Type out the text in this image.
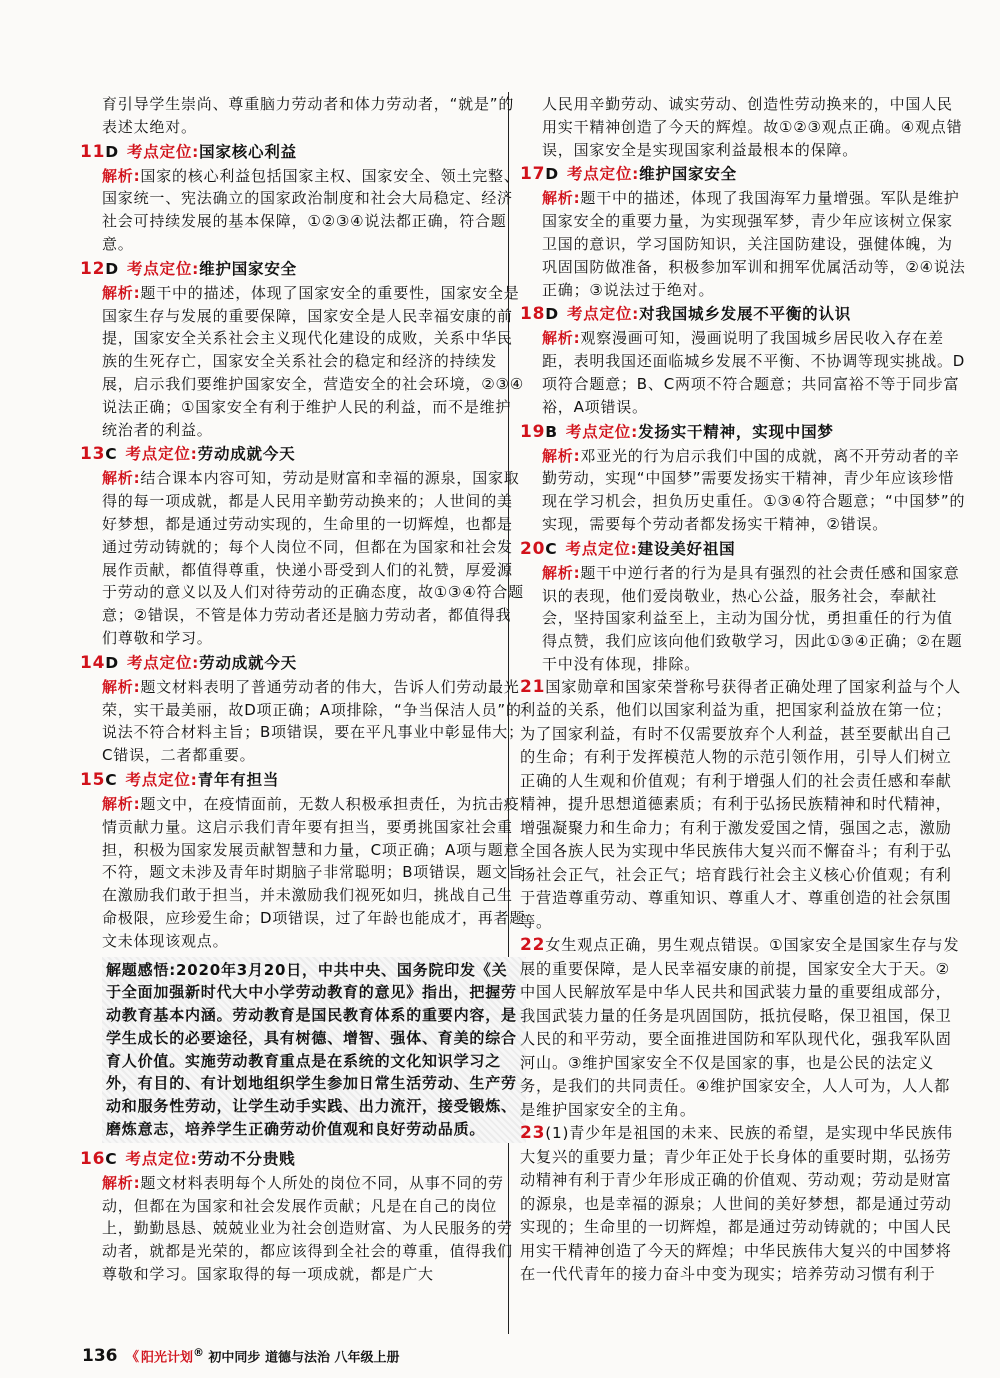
育引导学生崇尚、尊重脑力劳动者和体力劳动者，“就是”的表述太绝对。

11D 考点定位:国家核心利益

解析:国家的核心利益包括国家主权、国家安全、领土完整、国家统一、宪法确立的国家政治制度和社会大局稳定、经济社会可持续发展的基本保障，①②③④说法都正确，符合题意。

12D 考点定位:维护国家安全

解析:题干中的描述，体现了国家安全的重要性，国家安全是国家生存与发展的重要保障，国家安全是人民幸福安康的前提，国家安全关系社会主义现代化建设的成败，关系中华民族的生死存亡，国家安全关系社会的稳定和经济的持续发展，启示我们要维护国家安全，营造安全的社会环境，②③④说法正确；①国家安全有利于维护人民的利益，而不是维护统治者的利益。

13C 考点定位:劳动成就今天

解析:结合课本内容可知，劳动是财富和幸福的源泉，国家取得的每一项成就，都是人民用辛勤劳动换来的；人世间的美好梦想，都是通过劳动实现的，生命里的一切辉煌，也都是通过劳动铸就的；每个人岗位不同，但都在为国家和社会发展作贡献，都值得尊重，快递小哥受到人们的礼赞，厚爱源于劳动的意义以及人们对待劳动的正确态度，故①③④符合题意；②错误，不管是体力劳动者还是脑力劳动者，都值得我们尊敬和学习。

14D 考点定位:劳动成就今天

解析:题文材料表明了普通劳动者的伟大，告诉人们劳动最光荣，实干最美丽，故D项正确；A项排除，“争当保洁人员”的说法不符合材料主旨；B项错误，要在平凡事业中彰显伟大；C错误，二者都重要。

15C 考点定位:青年有担当

解析:题文中，在疫情面前，无数人积极承担责任，为抗击疫情贡献力量。这启示我们青年要有担当，要勇挑国家社会重担，积极为国家发展贡献智慧和力量，C项正确；A项与题意不符，题文未涉及青年时期脑子非常聪明；B项错误，题文旨在激励我们敢于担当，并未激励我们视死如归，挑战自己生命极限，应珍爱生命；D项错误，过了年龄也能成才，再者题文未体现该观点。

解题感悟:2020年3月20日，中共中央、国务院印发《关于全面加强新时代大中小学劳动教育的意见》指出，把握劳动教育基本内涵。劳动教育是国民教育体系的重要内容，是学生成长的必要途径，具有树德、增智、强体、育美的综合育人价值。实施劳动教育重点是在系统的文化知识学习之外，有目的、有计划地组织学生参加日常生活劳动、生产劳动和服务性劳动，让学生动手实践、出力流汗，接受锻炼、磨炼意志，培养学生正确劳动价值观和良好劳动品质。
16C 考点定位:劳动不分贵贱

解析:题文材料表明每个人所处的岗位不同，从事不同的劳动，但都在为国家和社会发展作贡献；凡是在自己的岗位上，勤勤恳恳、兢兢业业为社会创造财富、为人民服务的劳动者，就都是光荣的，都应该得到全社会的尊重，值得我们尊敬和学习。国家取得的每一项成就，都是广大

人民用辛勤劳动、诚实劳动、创造性劳动换来的，中国人民用实干精神创造了今天的辉煌。故①②③观点正确。④观点错误，国家安全是实现国家利益最根本的保障。

17D 考点定位:维护国家安全

解析:题干中的描述，体现了我国海军力量增强。军队是维护国家安全的重要力量，为实现强军梦，青少年应该树立保家卫国的意识，学习国防知识，关注国防建设，强健体魄，为巩固国防做准备，积极参加军训和拥军优属活动等，②④说法正确；③说法过于绝对。

18D 考点定位:对我国城乡发展不平衡的认识

解析:观察漫画可知，漫画说明了我国城乡居民收入存在差距，表明我国还面临城乡发展不平衡、不协调等现实挑战。D项符合题意；B、C两项不符合题意；共同富裕不等于同步富裕，A项错误。

19B 考点定位:发扬实干精神，实现中国梦

解析:邓亚光的行为启示我们中国的成就，离不开劳动者的辛勤劳动，实现“中国梦”需要发扬实干精神，青少年应该珍惜现在学习机会，担负历史重任。①③④符合题意；“中国梦”的实现，需要每个劳动者都发扬实干精神，②错误。

20C 考点定位:建设美好祖国

解析:题干中逆行者的行为是具有强烈的社会责任感和国家意识的表现，他们爱岗敬业，热心公益，服务社会，奉献社会，坚持国家利益至上，主动为国分忧，勇担重任的行为值得点赞，我们应该向他们致敬学习，因此①③④正确；②在题干中没有体现，排除。

21国家勋章和国家荣誉称号获得者正确处理了国家利益与个人利益的关系，他们以国家利益为重，把国家利益放在第一位；为了国家利益，有时不仅需要放弃个人利益，甚至要献出自己的生命；有利于发挥模范人物的示范引领作用，引导人们树立正确的人生观和价值观；有利于增强人们的社会责任感和奉献精神，提升思想道德素质；有利于弘扬民族精神和时代精神，增强凝聚力和生命力；有利于激发爱国之情，强国之志，激励全国各族人民为实现中华民族伟大复兴而不懈奋斗；有利于弘扬社会正气，社会正气；培育践行社会主义核心价值观；有利于营造尊重劳动、尊重知识、尊重人才、尊重创造的社会氛围等。

22女生观点正确，男生观点错误。①国家安全是国家生存与发展的重要保障，是人民幸福安康的前提，国家安全大于天。②中国人民解放军是中华人民共和国武装力量的重要组成部分，我国武装力量的任务是巩固国防，抵抗侵略，保卫祖国，保卫人民的和平劳动，要全面推进国防和军队现代化，强我军队固河山。③维护国家安全不仅是国家的事，也是公民的法定义务，是我们的共同责任。④维护国家安全，人人可为，人人都是维护国家安全的主角。

23(1)青少年是祖国的未来、民族的希望，是实现中华民族伟大复兴的重要力量；青少年正处于长身体的重要时期，弘扬劳动精神有利于青少年形成正确的价值观、劳动观；劳动是财富的源泉，也是幸福的源泉；人世间的美好梦想，都是通过劳动实现的；生命里的一切辉煌，都是通过劳动铸就的；中国人民用实干精神创造了今天的辉煌；中华民族伟大复兴的中国梦将在一代代青年的接力奋斗中变为现实；培养劳动习惯有利于

136 《 阳光计划® 初中同步 道德与法治 八年级上册
